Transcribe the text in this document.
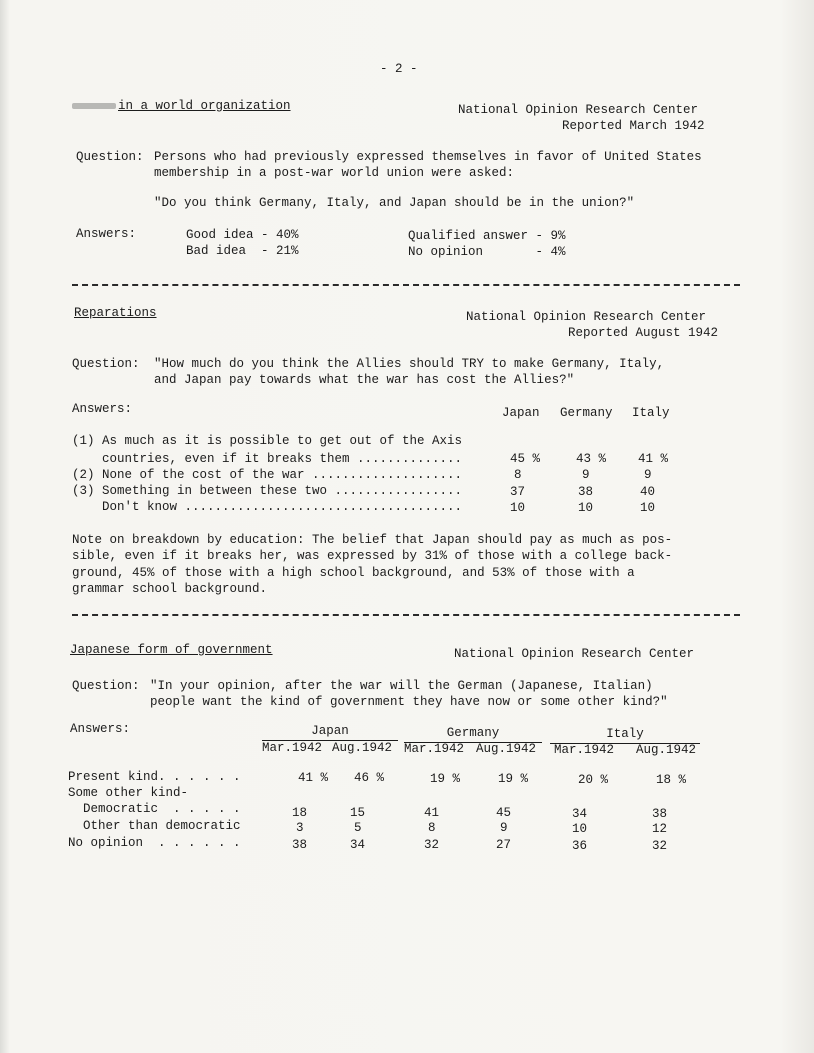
- 2 -
in a world organization	National Opinion Research Center
Reported March 1942
Question: Persons who had previously expressed themselves in favor of United States
membership in a post-war world union were asked:
"Do you think Germany, Italy, and Japan should be in the union?"
Answers:	Good idea - 40%
Bad idea  - 21%
Qualified answer - 9%
No opinion       - 4%
Reparations	National Opinion Research Center
Reported August 1942
Question: "How much do you think the Allies should TRY to make Germany, Italy,
and Japan pay towards what the war has cost the Allies?"
Answers:	Japan Germany Italy
(1) As much as it is possible to get out of the Axis
countries, even if it breaks them ..............	45 %	43 %	41 %
(2) None of the cost of the war ....................	8	9	9
(3) Something in between these two .................	37	38	40
Don't know .....................................	10	10	10
Note on breakdown by education: The belief that Japan should pay as much as pos-
sible, even if it breaks her, was expressed by 31% of those with a college back-
ground, 45% of those with a high school background, and 53% of those with a
grammar school background.
Japanese form of government	National Opinion Research Center
Question: "In your opinion, after the war will the German (Japanese, Italian)
people want the kind of government they have now or some other kind?"
Answers:	Japan	Germany	Italy
Mar.1942 Aug.1942 Mar.1942 Aug.1942 Mar.1942 Aug.1942
Present kind. . . . . .	41 %	46 %	19 %	19 %	20 %	18 %
Some other kind-
Democratic  . . . . .	18	15	41	45	34	38
Other than democratic	3	5	8	9	10	12
No opinion  . . . . . .	38	34	32	27	36	32
